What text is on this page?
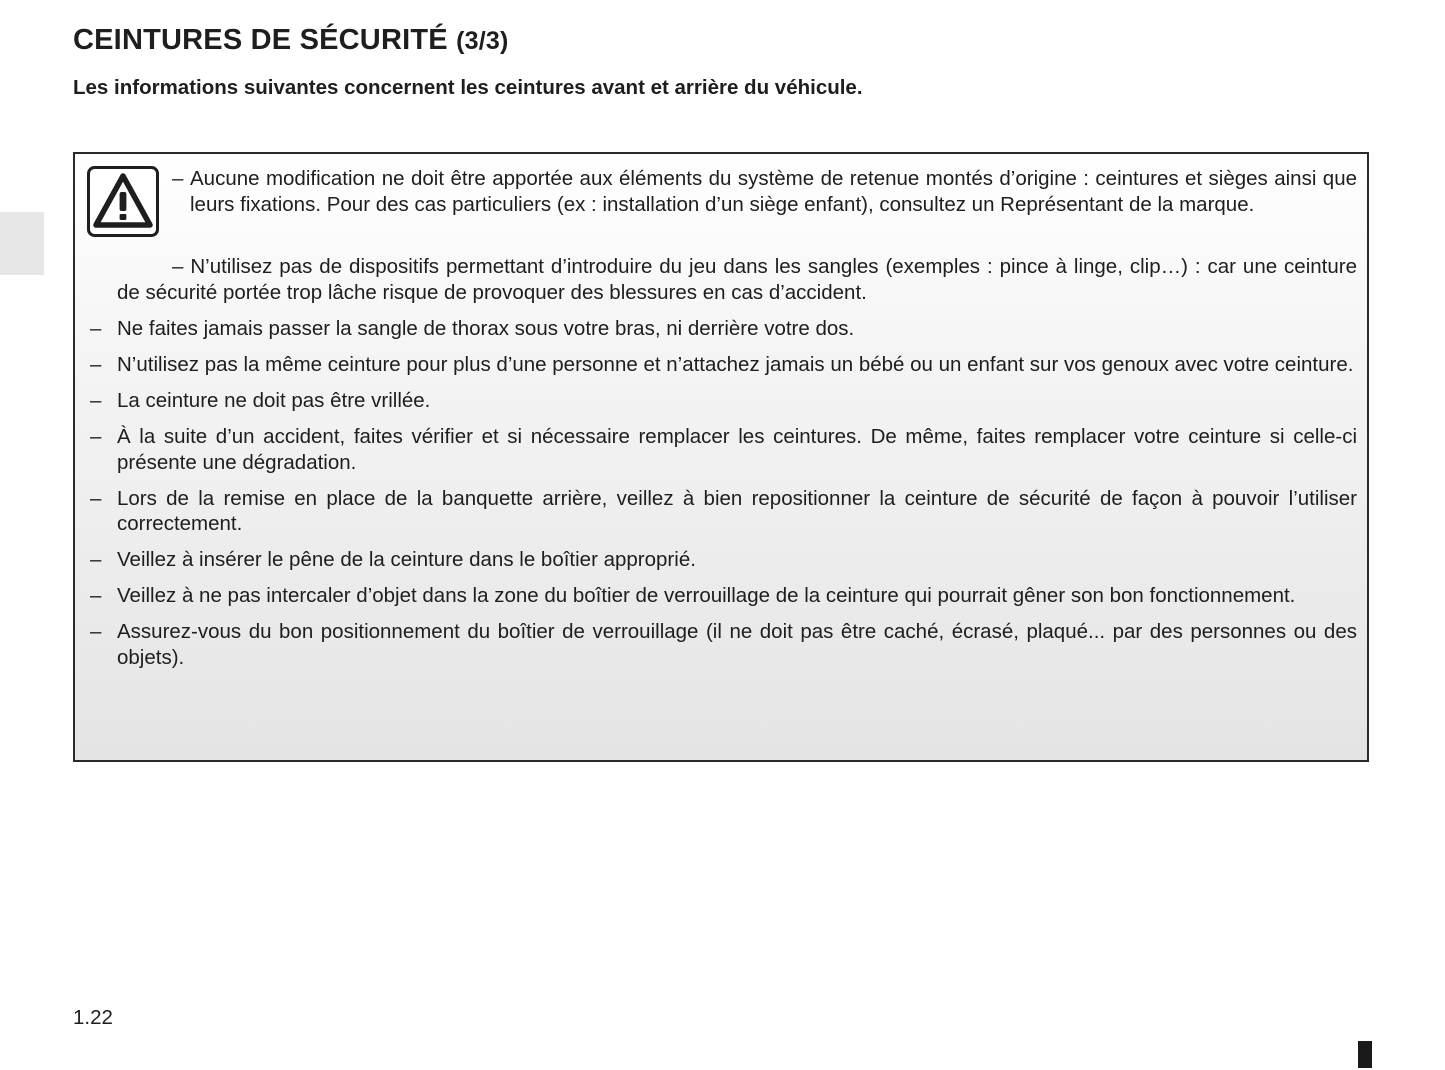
CEINTURES DE SÉCURITÉ (3/3)

Les informations suivantes concernent les ceintures avant et arrière du véhicule.

– Aucune modification ne doit être apportée aux éléments du système de retenue montés d’origine : ceintures et sièges ainsi que leurs fixations. Pour des cas particuliers (ex : installation d’un siège enfant), consultez un Représentant de la marque.
– N’utilisez pas de dispositifs permettant d’introduire du jeu dans les sangles (exemples : pince à linge, clip…) : car une ceinture de sécurité portée trop lâche risque de provoquer des blessures en cas d’accident.
– Ne faites jamais passer la sangle de thorax sous votre bras, ni derrière votre dos.
– N’utilisez pas la même ceinture pour plus d’une personne et n’attachez jamais un bébé ou un enfant sur vos genoux avec votre ceinture.
– La ceinture ne doit pas être vrillée.
– À la suite d’un accident, faites vérifier et si nécessaire remplacer les ceintures. De même, faites remplacer votre ceinture si celle-ci présente une dégradation.
– Lors de la remise en place de la banquette arrière, veillez à bien repositionner la ceinture de sécurité de façon à pouvoir l’utiliser correctement.
– Veillez à insérer le pêne de la ceinture dans le boîtier approprié.
– Veillez à ne pas intercaler d’objet dans la zone du boîtier de verrouillage de la ceinture qui pourrait gêner son bon fonctionnement.
– Assurez-vous du bon positionnement du boîtier de verrouillage (il ne doit pas être caché, écrasé, plaqué... par des personnes ou des objets).
1.22
